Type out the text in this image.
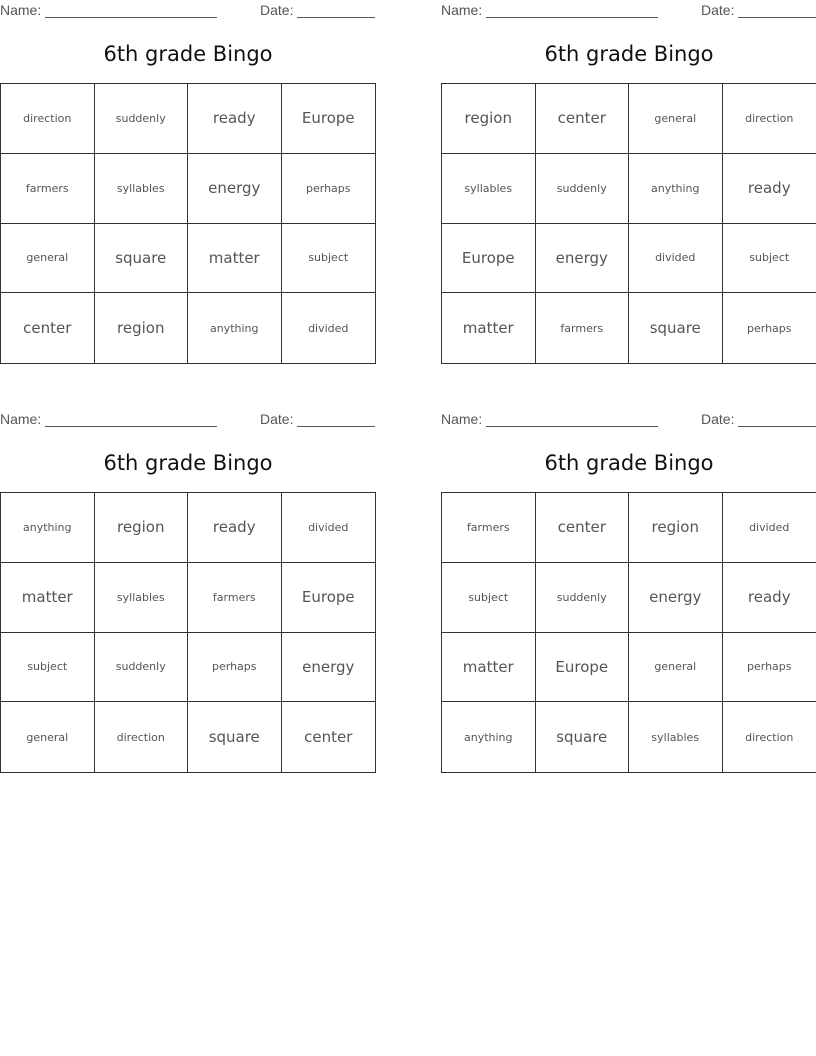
Name:	Date:
6th grade Bingo
direction	suddenly	ready	Europe
farmers	syllables	energy	perhaps
general	square	matter	subject
center	region	anything	divided
Name:	Date:
6th grade Bingo
region	center	general	direction
syllables	suddenly	anything	ready
Europe	energy	divided	subject
matter	farmers	square	perhaps
Name:	Date:
6th grade Bingo
anything	region	ready	divided
matter	syllables	farmers	Europe
subject	suddenly	perhaps	energy
general	direction	square	center
Name:	Date:
6th grade Bingo
farmers	center	region	divided
subject	suddenly	energy	ready
matter	Europe	general	perhaps
anything	square	syllables	direction
